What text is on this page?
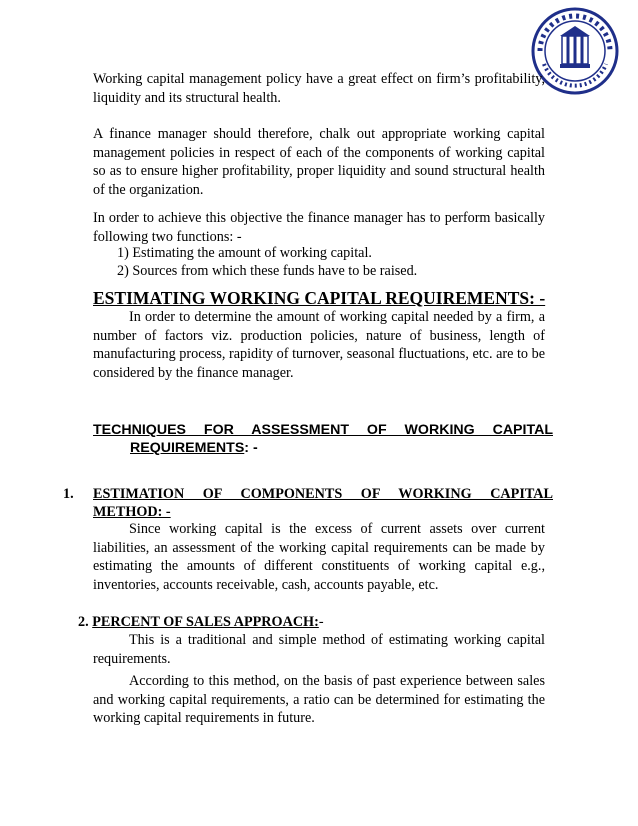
Working capital management policy have a great effect on firm’s profitability, liquidity and its structural health.

A finance manager should therefore, chalk out appropriate working capital management policies in respect of each of the components of working capital so as to ensure higher profitability, proper liquidity and sound structural health of the organization.

In order to achieve this objective the finance manager has to perform basically following two functions: -

1) Estimating the amount of working capital.
2) Sources from which these funds have to be raised.
ESTIMATING WORKING CAPITAL REQUIREMENTS: -

In order to determine the amount of working capital needed by a firm, a number of factors viz. production policies, nature of business, length of manufacturing process, rapidity of turnover, seasonal fluctuations, etc. are to be considered by the finance manager.

TECHNIQUES FOR ASSESSMENT OF WORKING CAPITAL
REQUIREMENTS: -
1. ESTIMATION OF COMPONENTS OF WORKING CAPITAL
METHOD: -

Since working capital is the excess of current assets over current liabilities, an assessment of the working capital requirements can be made by estimating the amounts of different constituents of working capital e.g., inventories, accounts receivable, cash, accounts payable, etc.

2. PERCENT OF SALES APPROACH:-

This is a traditional and simple method of estimating working capital requirements.

According to this method, on the basis of past experience between sales and working capital requirements, a ratio can be determined for estimating the working capital requirements in future.
